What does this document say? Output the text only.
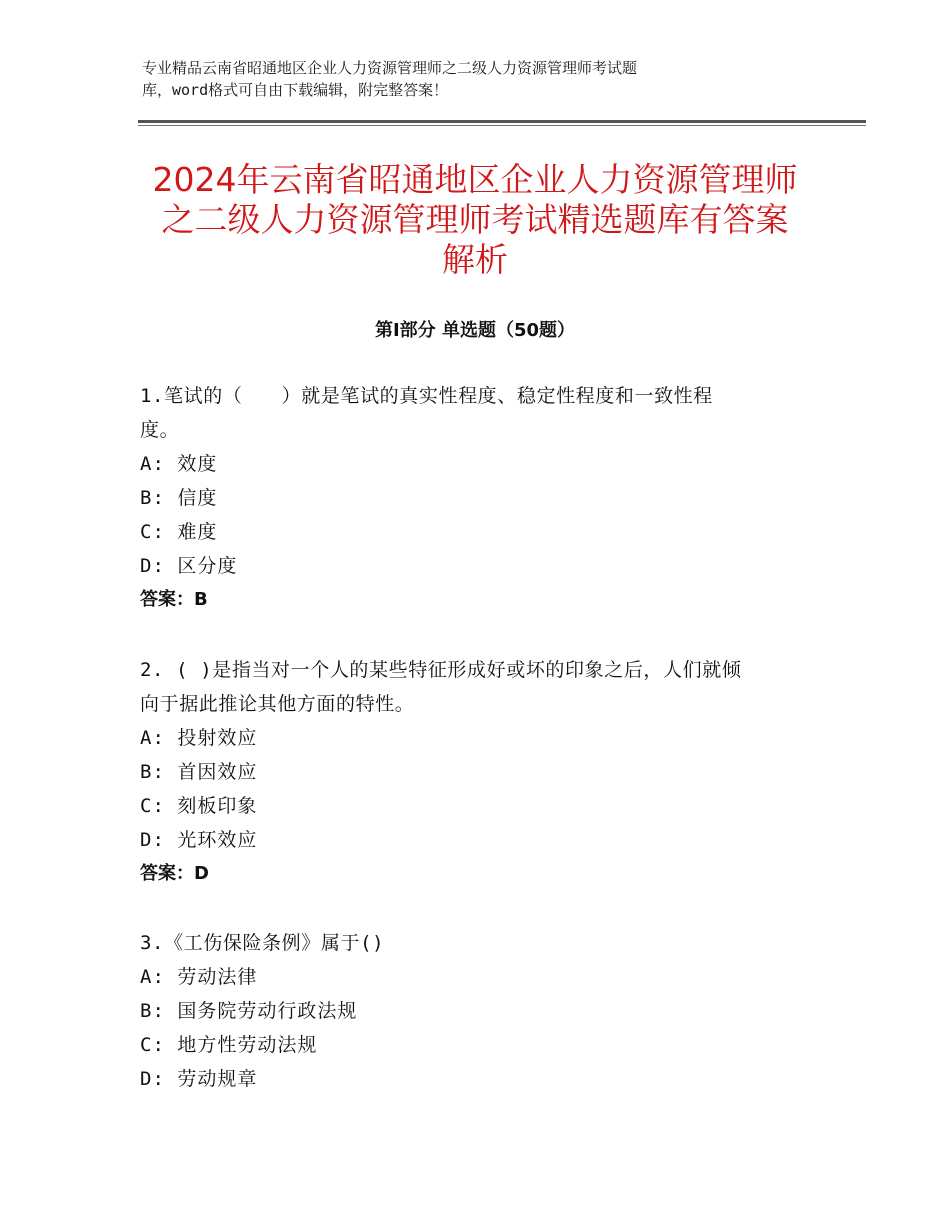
专业精品云南省昭通地区企业人力资源管理师之二级人力资源管理师考试题
库，word格式可自由下载编辑，附完整答案！
2024年云南省昭通地区企业人力资源管理师
之二级人力资源管理师考试精选题库有答案
解析
第Ⅰ部分 单选题（50题）
1.笔试的（　　）就是笔试的真实性程度、稳定性程度和一致性程
度。
A: 效度
B: 信度
C: 难度
D: 区分度
答案：B
2. ( )是指当对一个人的某些特征形成好或坏的印象之后，人们就倾
向于据此推论其他方面的特性。
A: 投射效应
B: 首因效应
C: 刻板印象
D: 光环效应
答案：D
3.《工伤保险条例》属于()
A: 劳动法律
B: 国务院劳动行政法规
C: 地方性劳动法规
D: 劳动规章
